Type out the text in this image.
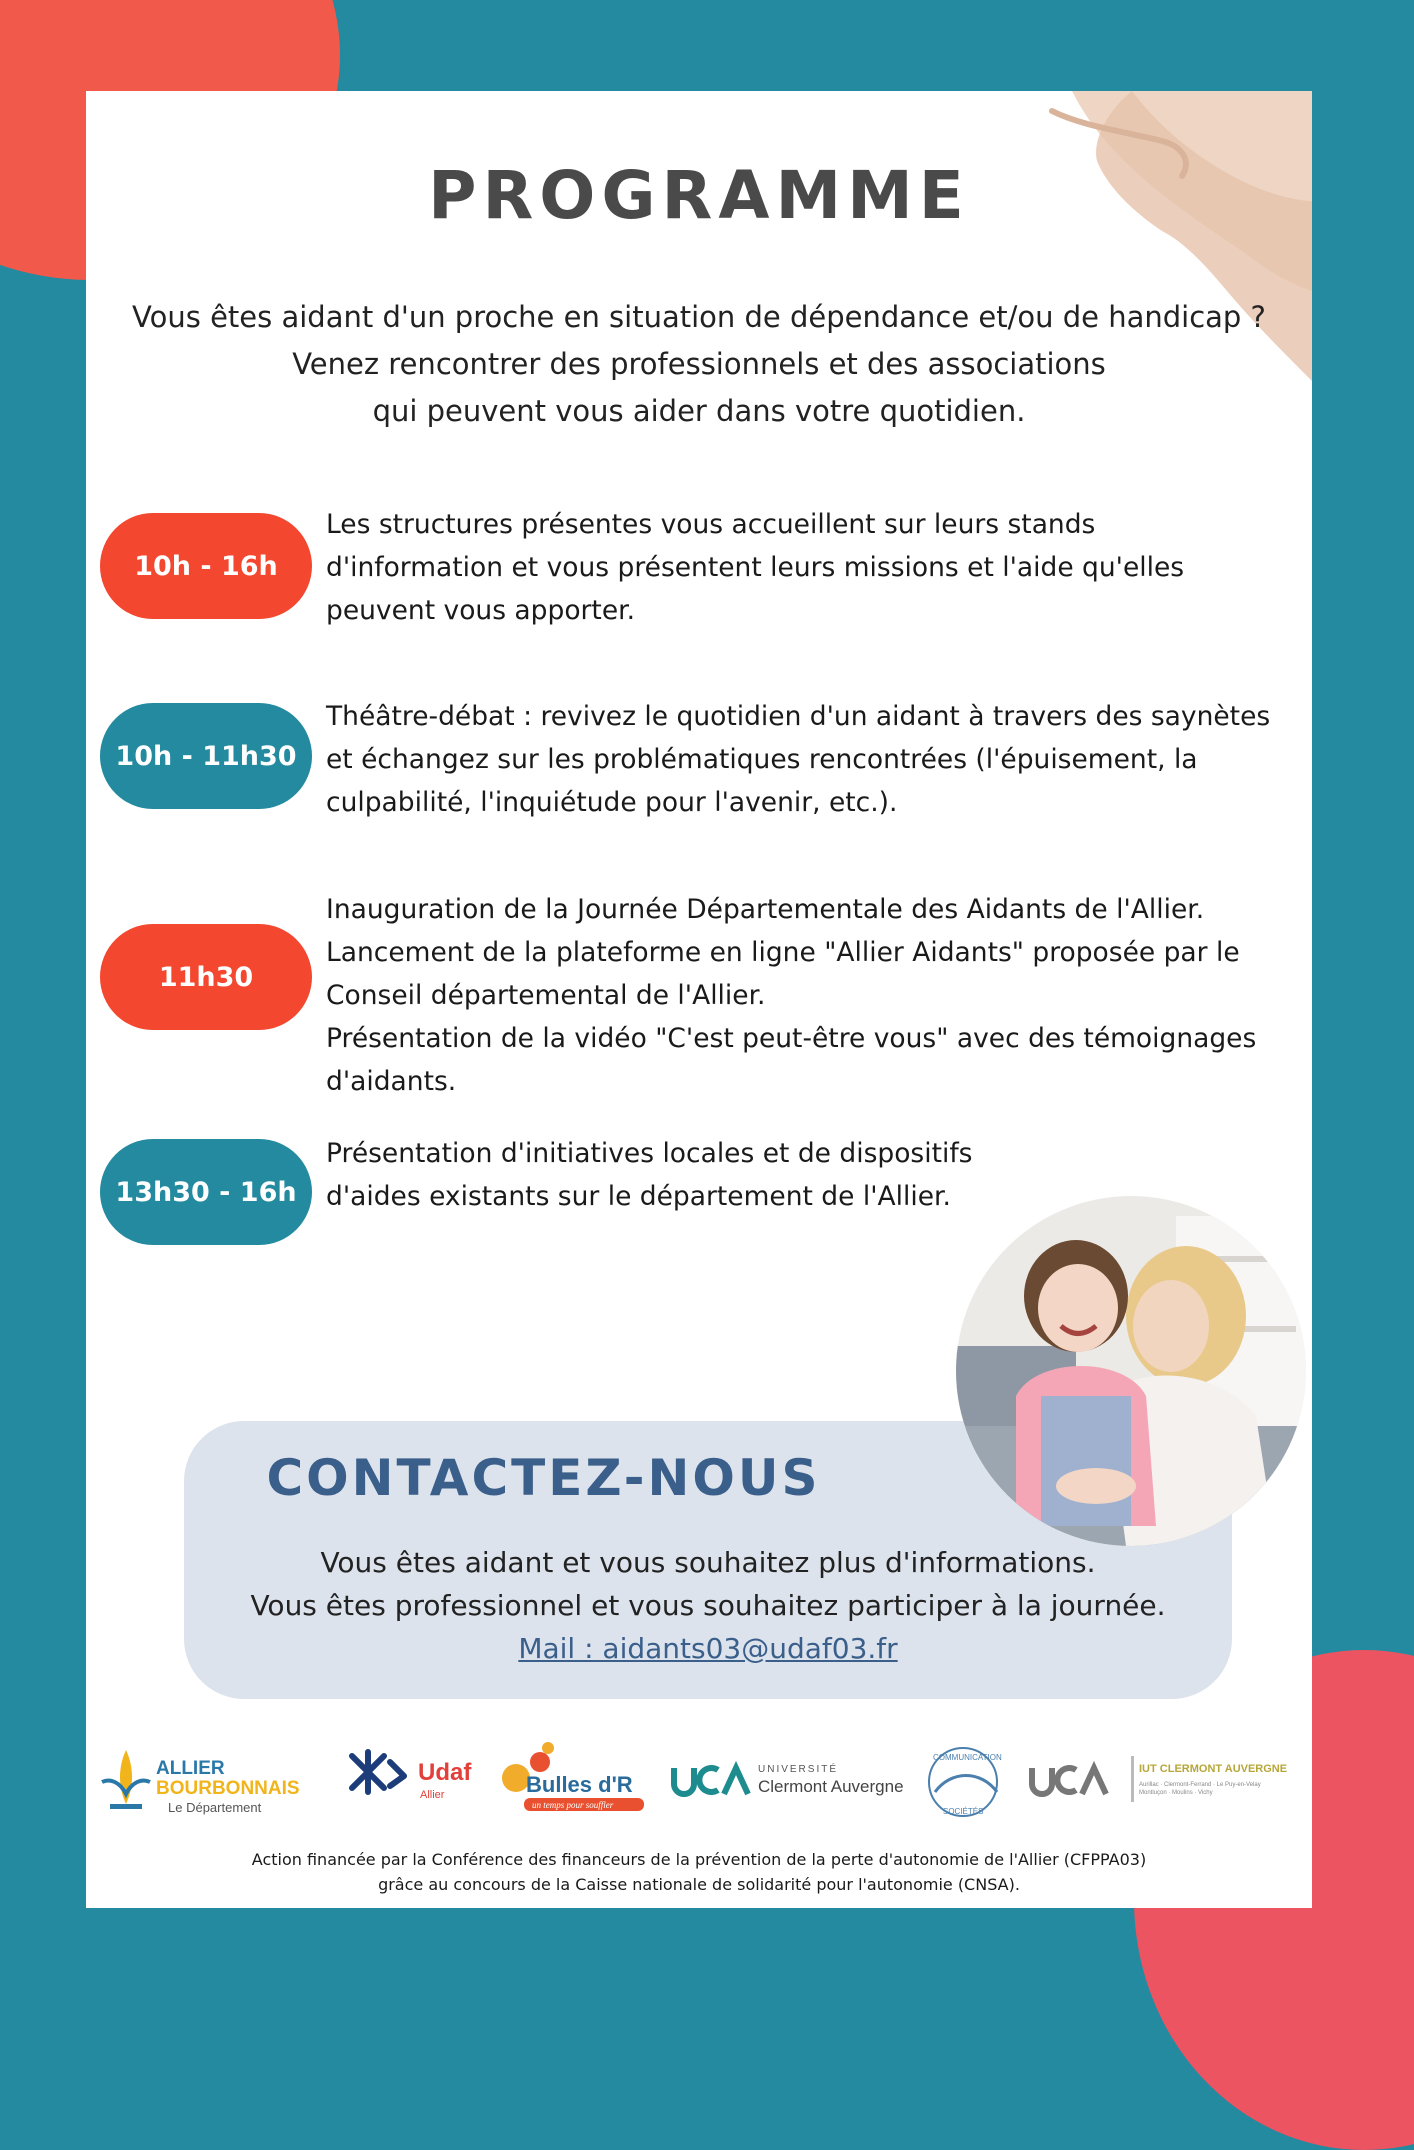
PROGRAMME
Vous êtes aidant d'un proche en situation de dépendance et/ou de handicap ?
Venez rencontrer des professionnels et des associations
qui peuvent vous aider dans votre quotidien.
10h - 16h
Les structures présentes vous accueillent sur leurs stands
d'information et vous présentent leurs missions et l'aide qu'elles
peuvent vous apporter.
10h - 11h30
Théâtre-débat : revivez le quotidien d'un aidant à travers des saynètes
et échangez sur les problématiques rencontrées (l'épuisement, la
culpabilité, l'inquiétude pour l'avenir, etc.).
11h30
Inauguration de la Journée Départementale des Aidants de l'Allier.
Lancement de la plateforme en ligne "Allier Aidants" proposée par le
Conseil départemental de l'Allier.
Présentation de la vidéo "C'est peut-être vous" avec des témoignages
d'aidants.
13h30 - 16h
Présentation d'initiatives locales et de dispositifs
d'aides existants sur le département de l'Allier.
CONTACTEZ-NOUS
Vous êtes aidant et vous souhaitez plus d'informations.
Vous êtes professionnel et vous souhaitez participer à la journée.
Mail : aidants03@udaf03.fr
ALLIER
BOURBONNAIS
Le Département
Udaf
Allier	Bulles d'R
un temps pour souffler
UNIVERSITÉ
Clermont Auvergne
COMMUNICATION
SOCIÉTÉS
IUT CLERMONT AUVERGNE
Aurillac · Clermont-Ferrand · Le Puy-en-Velay
Montluçon · Moulins · Vichy
Action financée par la Conférence des financeurs de la prévention de la perte d'autonomie de l'Allier (CFPPA03)
grâce au concours de la Caisse nationale de solidarité pour l'autonomie (CNSA).
